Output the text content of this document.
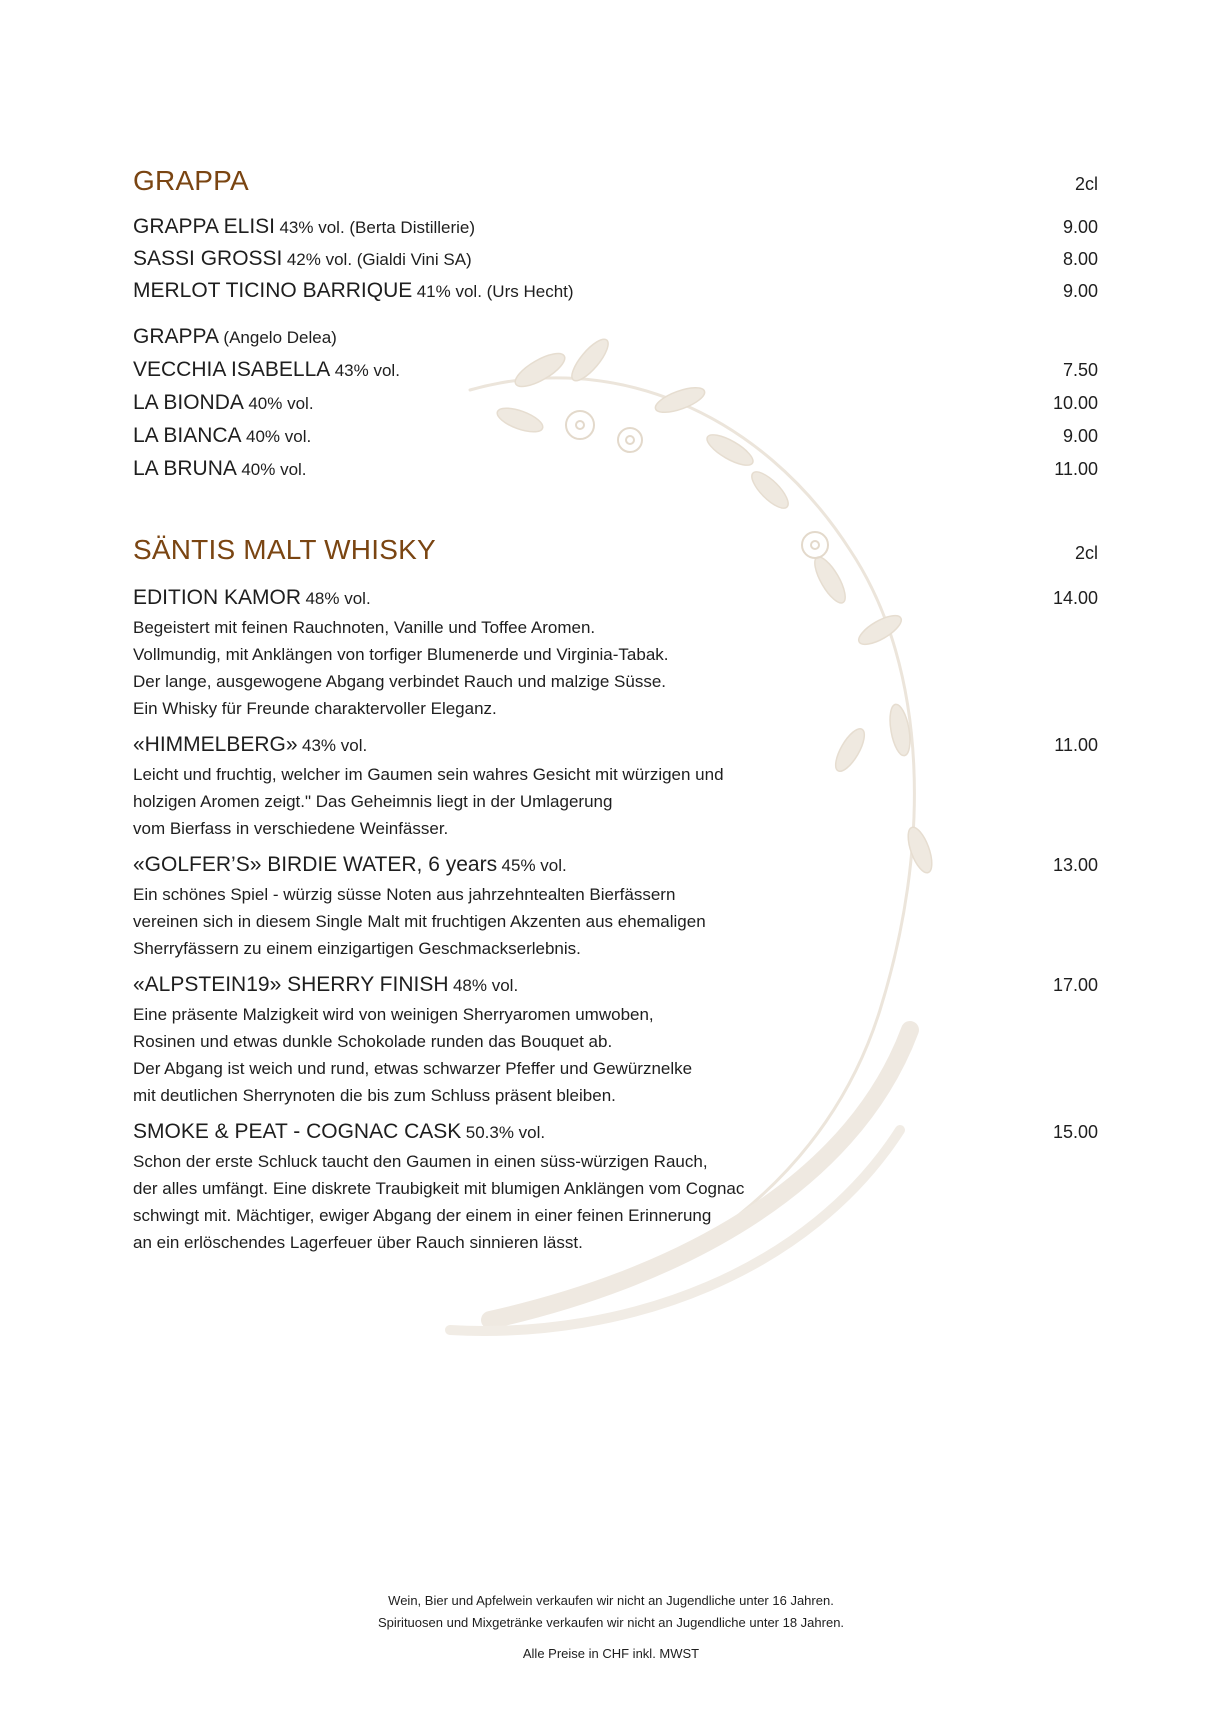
GRAPPA	2cl
GRAPPA ELISI 43% vol. (Berta Distillerie)	9.00
SASSI GROSSI 42% vol. (Gialdi Vini SA)	8.00
MERLOT TICINO BARRIQUE 41% vol. (Urs Hecht)	9.00
GRAPPA (Angelo Delea)
VECCHIA ISABELLA 43% vol.	7.50
LA BIONDA 40% vol.	10.00
LA BIANCA 40% vol.	9.00
LA BRUNA 40% vol.	11.00
SÄNTIS MALT WHISKY	2cl
EDITION KAMOR 48% vol.	14.00
Begeistert mit feinen Rauchnoten, Vanille und Toffee Aromen.
Vollmundig, mit Anklängen von torfiger Blumenerde und Virginia-Tabak.
Der lange, ausgewogene Abgang verbindet Rauch und malzige Süsse.
Ein Whisky für Freunde charaktervoller Eleganz.
«HIMMELBERG» 43% vol.	11.00
Leicht und fruchtig, welcher im Gaumen sein wahres Gesicht mit würzigen und
holzigen Aromen zeigt." Das Geheimnis liegt in der Umlagerung
vom Bierfass in verschiedene Weinfässer.
«GOLFER’S» BIRDIE WATER, 6 years 45% vol.	13.00
Ein schönes Spiel - würzig süsse Noten aus jahrzehntealten Bierfässern
vereinen sich in diesem Single Malt mit fruchtigen Akzenten aus ehemaligen
Sherryfässern zu einem einzigartigen Geschmackserlebnis.
«ALPSTEIN19» SHERRY FINISH 48% vol.	17.00
Eine präsente Malzigkeit wird von weinigen Sherryaromen umwoben,
Rosinen und etwas dunkle Schokolade runden das Bouquet ab.
Der Abgang ist weich und rund, etwas schwarzer Pfeffer und Gewürznelke
mit deutlichen Sherrynoten die bis zum Schluss präsent bleiben.
SMOKE & PEAT - COGNAC CASK 50.3% vol.	15.00
Schon der erste Schluck taucht den Gaumen in einen süss-würzigen Rauch,
der alles umfängt. Eine diskrete Traubigkeit mit blumigen Anklängen vom Cognac
schwingt mit. Mächtiger, ewiger Abgang der einem in einer feinen Erinnerung
an ein erlöschendes Lagerfeuer über Rauch sinnieren lässt.
Wein, Bier und Apfelwein verkaufen wir nicht an Jugendliche unter 16 Jahren.
Spirituosen und Mixgetränke verkaufen wir nicht an Jugendliche unter 18 Jahren.
Alle Preise in CHF inkl. MWST
